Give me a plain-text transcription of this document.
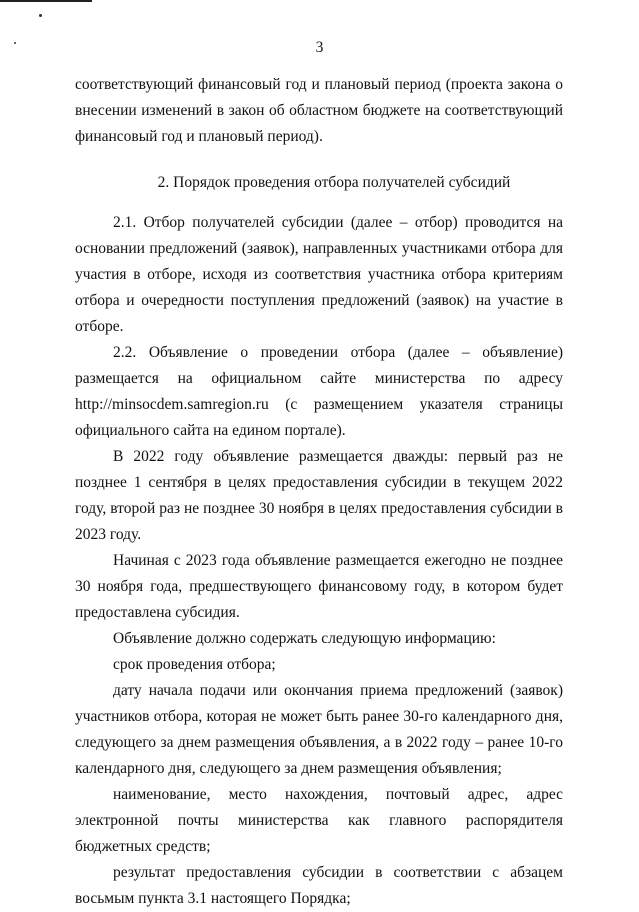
3

соответствующий финансовый год и плановый период (проекта закона о внесении изменений в закон об областном бюджете на соответствующий финансовый год и плановый период).

2. Порядок проведения отбора получателей субсидий

2.1. Отбор получателей субсидии (далее – отбор) проводится на основании предложений (заявок), направленных участниками отбора для участия в отборе, исходя из соответствия участника отбора критериям отбора и очередности поступления предложений (заявок) на участие в отборе.

2.2. Объявление о проведении отбора (далее – объявление) размещается на официальном сайте министерства по адресу http://minsocdem.samregion.ru (с размещением указателя страницы официального сайта на едином портале).

В 2022 году объявление размещается дважды: первый раз не позднее 1 сентября в целях предоставления субсидии в текущем 2022 году, второй раз не позднее 30 ноября в целях предоставления субсидии в 2023 году.

Начиная с 2023 года объявление размещается ежегодно не позднее 30 ноября года, предшествующего финансовому году, в котором будет предоставлена субсидия.

Объявление должно содержать следующую информацию:

срок проведения отбора;

дату начала подачи или окончания приема предложений (заявок) участников отбора, которая не может быть ранее 30-го календарного дня, следующего за днем размещения объявления, а в 2022 году – ранее 10-го календарного дня, следующего за днем размещения объявления;

наименование, место нахождения, почтовый адрес, адрес электронной почты министерства как главного распорядителя бюджетных средств;

результат предоставления субсидии в соответствии с абзацем восьмым пункта 3.1 настоящего Порядка;
